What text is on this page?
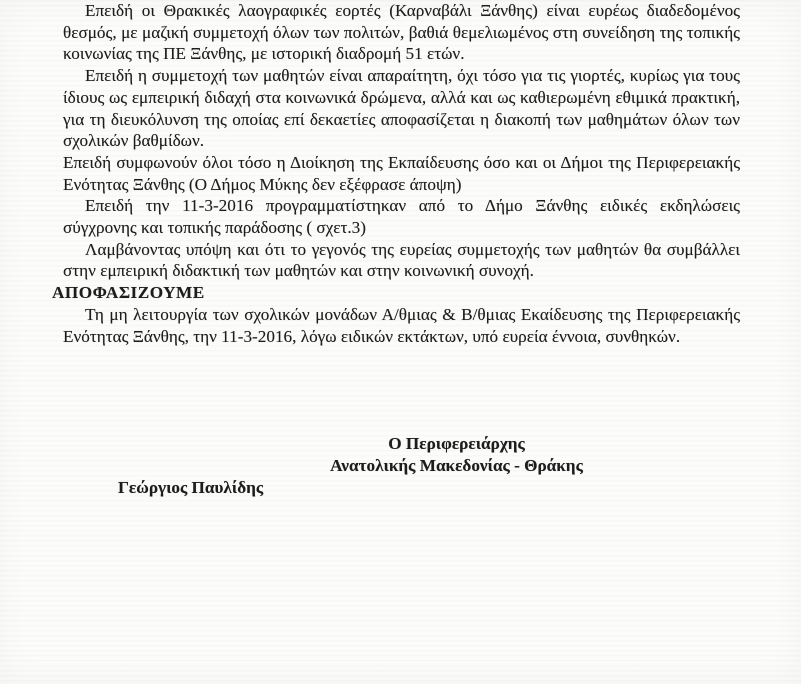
Επειδή οι Θρακικές λαογραφικές εορτές (Καρναβάλι Ξάνθης) είναι ευρέως διαδεδομένος θεσμός, με μαζική συμμετοχή όλων των πολιτών, βαθιά θεμελιωμένος στη συνείδηση της τοπικής κοινωνίας της ΠΕ Ξάνθης, με ιστορική διαδρομή 51 ετών.

Επειδή η συμμετοχή των μαθητών είναι απαραίτητη, όχι τόσο για τις γιορτές, κυρίως για τους ίδιους ως εμπειρική διδαχή στα κοινωνικά δρώμενα, αλλά και ως καθιερωμένη εθιμικά πρακτική, για τη διευκόλυνση της οποίας επί δεκαετίες αποφασίζεται η διακοπή των μαθημάτων όλων των σχολικών βαθμίδων.

Επειδή συμφωνούν όλοι τόσο η Διοίκηση της Εκπαίδευσης όσο και οι Δήμοι της Περιφερειακής Ενότητας Ξάνθης (Ο Δήμος Μύκης δεν εξέφρασε άποψη)

Επειδή την 11-3-2016 προγραμματίστηκαν από το Δήμο Ξάνθης ειδικές εκδηλώσεις σύγχρονης και τοπικής παράδοσης ( σχετ.3)

Λαμβάνοντας υπόψη και ότι το γεγονός της ευρείας συμμετοχής των μαθητών θα συμβάλλει στην εμπειρική διδακτική των μαθητών και στην κοινωνική συνοχή.

ΑΠΟΦΑΣΙΖΟΥΜΕ

Τη μη λειτουργία των σχολικών μονάδων Α/θμιας & Β/θμιας Εκαίδευσης της Περιφερειακής Ενότητας Ξάνθης, την 11-3-2016, λόγω ειδικών εκτάκτων, υπό ευρεία έννοια, συνθηκών.

Ο Περιφερειάρχης
Ανατολικής Μακεδονίας - Θράκης

Γεώργιος Παυλίδης
